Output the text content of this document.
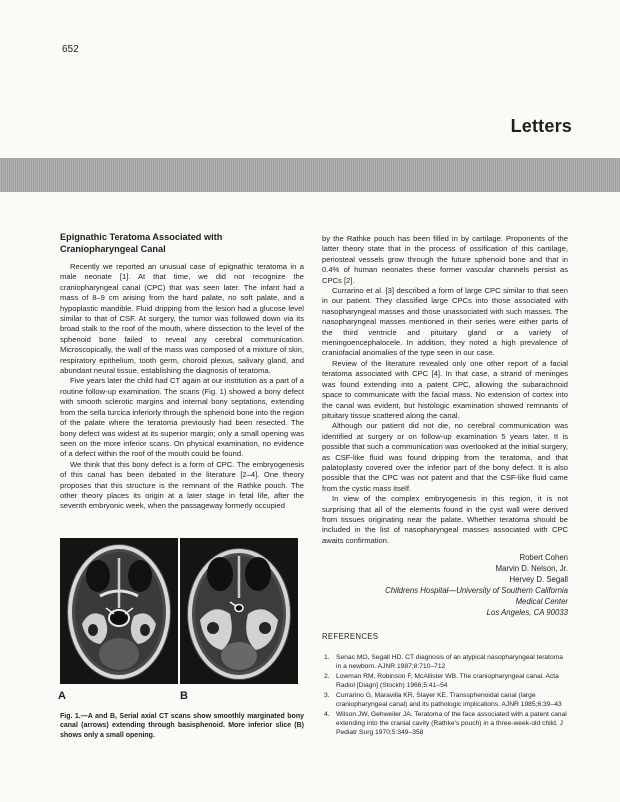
652
Letters
Epignathic Teratoma Associated with Craniopharyngeal Canal

Recently we reported an unusual case of epignathic teratoma in a male neonate [1]. At that time, we did not recognize the craniopharyngeal canal (CPC) that was seen later. The infant had a mass of 8–9 cm arising from the hard palate, no soft palate, and a hypoplastic mandible. Fluid dripping from the lesion had a glucose level similar to that of CSF. At surgery, the tumor was followed down via its broad stalk to the roof of the mouth, where dissection to the level of the sphenoid bone failed to reveal any cerebral communication. Microscopically, the wall of the mass was composed of a mixture of skin, respiratory epithelium, tooth germ, choroid plexus, salivary gland, and abundant neural tissue, establishing the diagnosis of teratoma.

Five years later the child had CT again at our institution as a part of a routine follow-up examination. The scans (Fig. 1) showed a bony defect with smooth sclerotic margins and internal bony septations, extending from the sella turcica inferiorly through the sphenoid bone into the region of the palate where the teratoma previously had been resected. The bony defect was widest at its superior margin; only a small opening was seen on the more inferior scans. On physical examination, no evidence of a defect within the roof of the mouth could be found.

We think that this bony defect is a form of CPC. The embryogenesis of this canal has been debated in the literature [2–4]. One theory proposes that this structure is the remnant of the Rathke pouch. The other theory places its origin at a later stage in fetal life, after the seventh embryonic week, when the passageway formerly occupied

by the Rathke pouch has been filled in by cartilage. Proponents of the latter theory state that in the process of ossification of this cartilage, periosteal vessels grow through the future sphenoid bone and that in 0.4% of human neonates these former vascular channels persist as CPCs [2].

Currarino et al. [3] described a form of large CPC similar to that seen in our patient. They classified large CPCs into those associated with nasopharyngeal masses and those unassociated with such masses. The nasopharyngeal masses mentioned in their series were either parts of the third ventricle and pituitary gland or a variety of meningoencephalocele. In addition, they noted a high prevalence of craniofacial anomalies of the type seen in our case.

Review of the literature revealed only one other report of a facial teratoma associated with CPC [4]. In that case, a strand of meninges was found extending into a patent CPC, allowing the subarachnoid space to communicate with the facial mass. No extension of cortex into the canal was evident, but histologic examination showed remnants of pituitary tissue scattered along the canal.

Although our patient did not die, no cerebral communication was identified at surgery or on follow-up examination 5 years later. It is possible that such a communication was overlooked at the initial surgery, as CSF-like fluid was found dripping from the teratoma, and that palatoplasty covered over the inferior part of the bony defect. It is also possible that the CPC was not patent and that the CSF-like fluid came from the cystic mass itself.

In view of the complex embryogenesis in this region, it is not surprising that all of the elements found in the cyst wall were derived from tissues originating near the palate. Whether teratoma should be included in the list of nasopharyngeal masses associated with CPC awaits confirmation.

A	B
Fig. 1.—A and B, Serial axial CT scans show smoothly marginated bony canal (arrows) extending through basisphenoid. More inferior slice (B) shows only a small opening.
Robert Cohen
Marvin D. Nelson, Jr.
Hervey D. Segall
Childrens Hospital—University of Southern California
Medical Center
Los Angeles, CA 90033
REFERENCES
1. Senac MO, Segall HD. CT diagnosis of an atypical nasopharyngeal teratoma in a newborn. AJNR 1987;8:710–712
2. Lowman RM, Robinson F, McAllister WB. The craniopharyngeal canal. Acta Radiol [Diagn] (Stockh) 1966;5:41–54
3. Currarino G, Maravilla KR, Slayer KE. Transsphenoidal canal (large craniopharyngeal canal) and its pathologic implications. AJNR 1985;6:39–43
4. Wilson JW, Gehweiler JA. Teratoma of the face associated with a patent canal extending into the cranial cavity (Rathke's pouch) in a three-week-old child. J Pediatr Surg 1970;5:349–358
